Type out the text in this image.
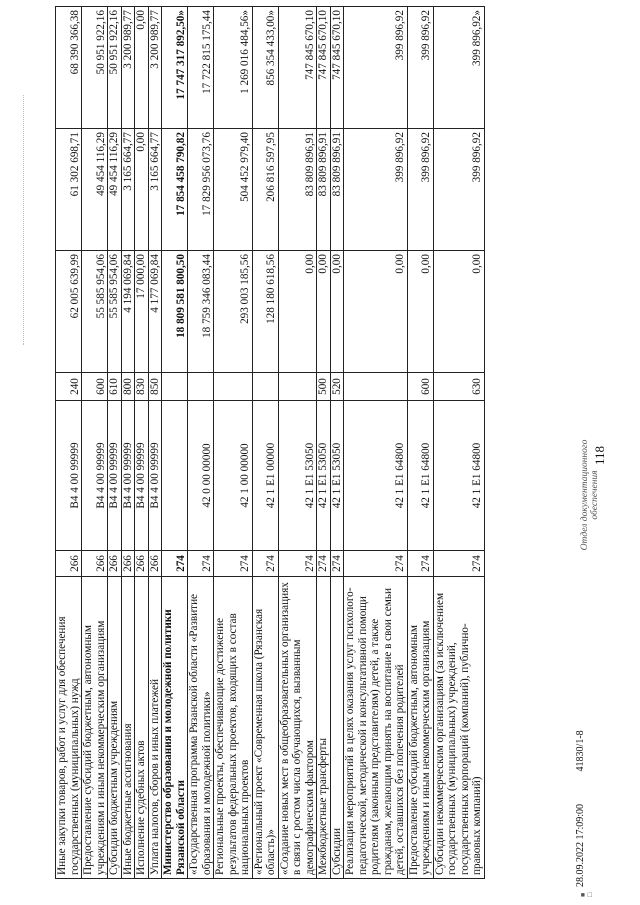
Иные закупки товаров, работ и услуг для обеспечения государственных (муниципальных) нужд	266	В4 4 00 99999	240	62 005 639,99	61 302 698,71	68 390 366,38
Предоставление субсидий бюджетным, автономным учреждениям и иным некоммерческим организациям	266	В4 4 00 99999	600	55 585 954,06	49 454 116,29	50 951 922,16
Субсидии бюджетным учреждениям	266	В4 4 00 99999	610	55 585 954,06	49 454 116,29	50 951 922,16
Иные бюджетные ассигнования	266	В4 4 00 99999	800	4 194 069,84	3 165 664,77	3 200 989,77
Исполнение судебных актов	266	В4 4 00 99999	830	17 000,00	0,00	0,00
Уплата налогов, сборов и иных платежей	266	В4 4 00 99999	850	4 177 069,84	3 165 664,77	3 200 989,77
Министерство образования и молодежной политики Рязанской области	274			18 809 581 800,50	17 854 458 790,82	17 747 317 892,50»
«Государственная программа Рязанской области «Развитие образования и молодежной политики»	274	42 0 00 00000		18 759 346 083,44	17 829 956 073,76	17 722 815 175,44
Региональные проекты, обеспечивающие достижение результатов федеральных проектов, входящих в состав национальных проектов	274	42 1 00 00000		293 003 185,56	504 452 979,40	1 269 016 484,56»
«Региональный проект «Современная школа (Рязанская область)»	274	42 1 Е1 00000		128 180 618,56	206 816 597,95	856 354 433,00»
«Создание новых мест в общеобразовательных организациях в связи с ростом числа обучающихся, вызванным демографическим фактором	274	42 1 Е1 53050		0,00	83 809 896,91	747 845 670,10
Межбюджетные трансферты	274	42 1 Е1 53050	500	0,00	83 809 896,91	747 845 670,10
Субсидии	274	42 1 Е1 53050	520	0,00	83 809 896,91	747 845 670,10
Реализация мероприятий в целях оказания услуг психолого-педагогической, методической и консультативной помощи родителям (законным представителям) детей, а также гражданам, желающим принять на воспитание в свои семьи детей, оставшихся без попечения родителей	274	42 1 Е1 64800		0,00	399 896,92	399 896,92
Предоставление субсидий бюджетным, автономным учреждениям и иным некоммерческим организациям	274	42 1 Е1 64800	600	0,00	399 896,92	399 896,92
Субсидии некоммерческим организациям (за исключением государственных (муниципальных) учреждений, государственных корпораций (компаний), публично-правовых компаний)	274	42 1 Е1 64800	630	0,00	399 896,92	399 896,92»
118
■
□
28.09.2022 17:09:00 41830/1-8
Отдел документационного обеспечения
